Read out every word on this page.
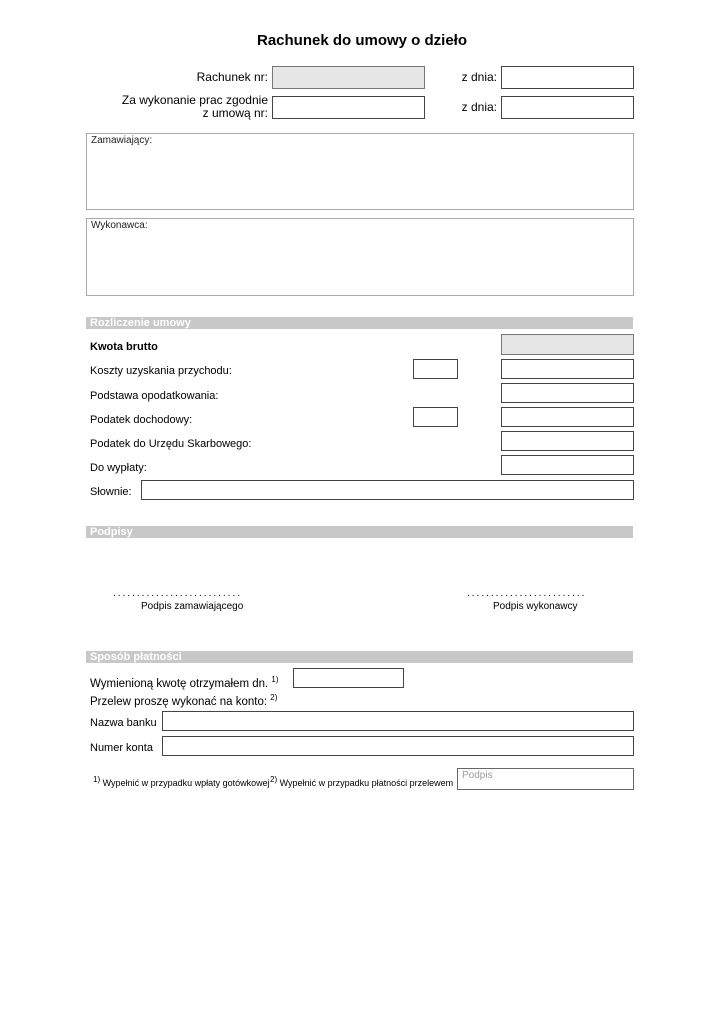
Rachunek do umowy o dzieło
Rachunek nr:
Za wykonanie prac zgodnie
z umową nr:
z dnia:
z dnia:
Zamawiający:
Wykonawca:
Rozliczenie umowy
Kwota brutto
Koszty uzyskania przychodu:
Podstawa opodatkowania:
Podatek dochodowy:
Podatek do Urzędu Skarbowego:
Do wypłaty:
Słownie:
Podpisy
...........................
Podpis zamawiającego
.........................
Podpis wykonawcy
Sposób płatności
Wymienioną kwotę otrzymałem dn. $^{1)}$
Przelew proszę wykonać na konto: $^{2)}$
Nazwa banku
Numer konta
1) Wypełnić w przypadku wpłaty gotówkowej 2) Wypełnić w przypadku płatności przelewem
Podpis
